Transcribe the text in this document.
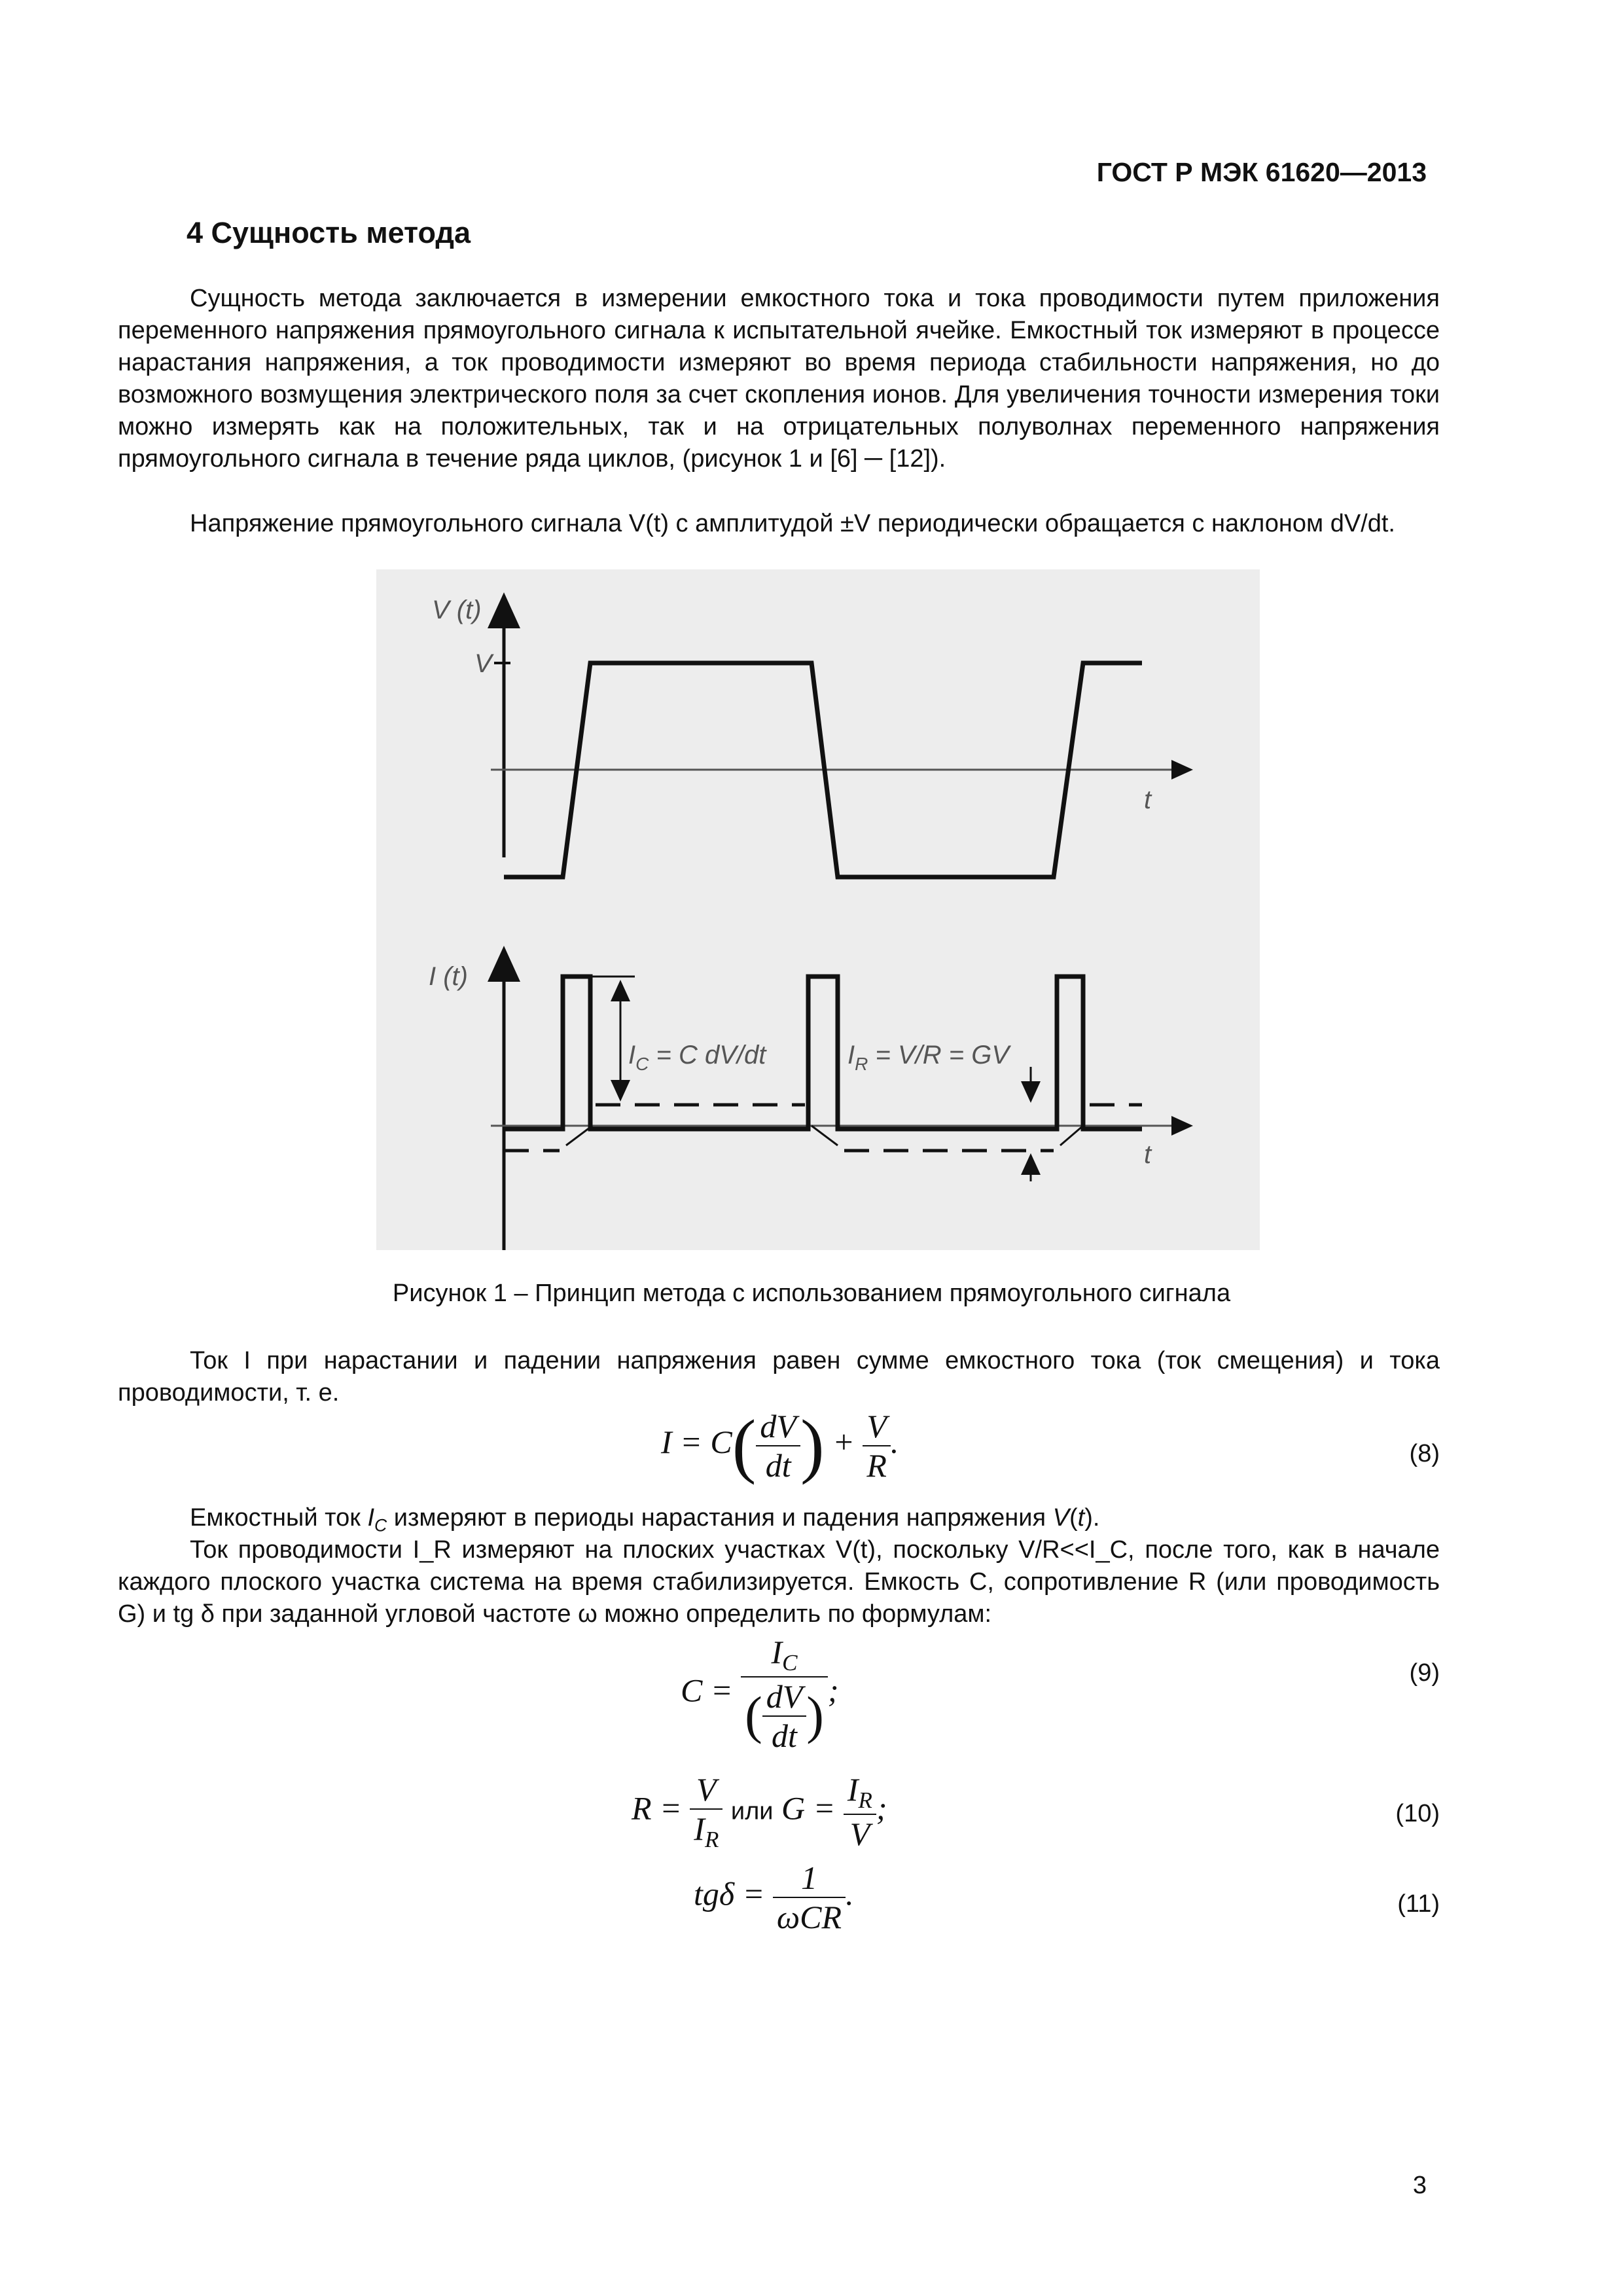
ГОСТ Р МЭК 61620—2013
4 Сущность метода

Сущность метода заключается в измерении емкостного тока и тока проводимости путем приложения переменного напряжения прямоугольного сигнала к испытательной ячейке. Емкостный ток измеряют в процессе нарастания напряжения, а ток проводимости измеряют во время периода стабильности напряжения, но до возможного возмущения электрического поля за счет скопления ионов. Для увеличения точности измерения токи можно измерять как на положительных, так и на отрицательных полуволнах переменного напряжения прямоугольного сигнала в течение ряда циклов, (рисунок 1 и [6] ─ [12]).

Напряжение прямоугольного сигнала V(t) с амплитудой ±V периодически обращается с наклоном dV/dt.

V (t)
V
t
I (t)
t
$I_C = C$ dV/dt	$I_R = V/R$ = GV
Рисунок 1 – Принцип метода с использованием прямоугольного сигнала

Ток I при нарастании и падении напряжения равен сумме емкостного тока (ток смещения) и тока проводимости, т. е.

$I = C( \frac{dV}{dt}$ ) + $\frac{V}{R}$ .	(8)

Емкостный ток $I_C$ измеряют в периоды нарастания и падения напряжения V(t).

Ток проводимости I_R измеряют на плоских участках V(t), поскольку V/R<<I_C, после того, как в начале каждого плоского участка система на время стабилизируется. Емкость C, сопротивление R (или проводимость G) и tg δ при заданной угловой частоте ω можно определить по формулам:

$C = \frac{I_C}{( \frac{dV}{dt} )}$ ;	(9)
$R = \frac{V}{I_R}$ или $G = \frac{I_R}{V}$ ;	(10)
$tg\delta = \frac{1}{\text{ωCR}}$ .	(11)
3
